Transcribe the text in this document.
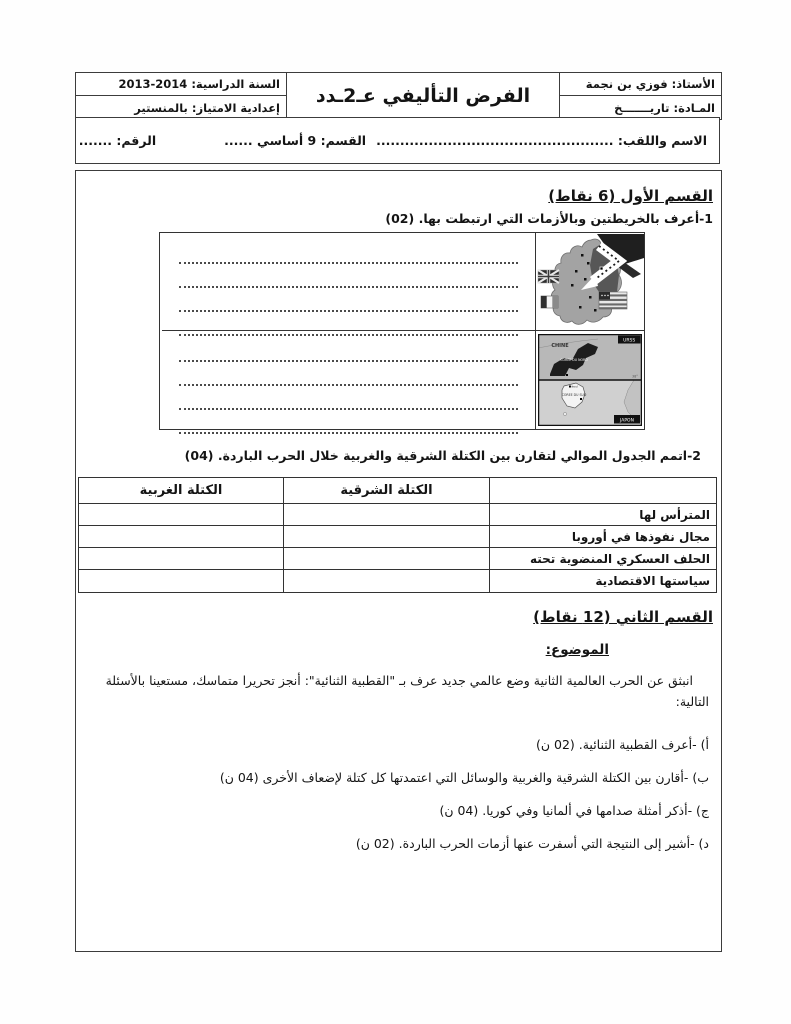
الأستاذ: فوزي بن نجمة
المـادة: تاريـــــــخ
الفرض التأليفي عـ2ـدد
السنة الدراسية: 2014-2013
إعدادية الامتياز: بالمنستير
الاسم واللقب: ..................................................
القسم: 9 أساسي ......
الرقم: .......
القسم الأول (6 نقاط)
1-أعرف بالخريطتين وبالأزمات التي ارتبطت بها. (02)
CHINE
URSS
COREE DU NORD
38°
Séoul
COREE DU SUD
JAPON
2-اتمم الجدول الموالي لتقارن بين الكتلة الشرقية والغربية خلال الحرب الباردة. (04)
الكتلة الشرقية
الكتلة الغربية
المترأس لها
مجال نفوذها في أوروبا
الحلف العسكري المنضوية تحته
سياستها الاقتصادية
القسم الثاني (12 نقاط)
الموضوع:
انبثق عن الحرب العالمية الثانية وضع عالمي جديد عرف بـ "القطبية الثنائية": أنجز تحريرا متماسك، مستعينا بالأسئلة التالية:
أ) -أعرف القطبية الثنائية. (02 ن)
ب) -أقارن بين الكتلة الشرقية والغربية والوسائل التي اعتمدتها كل كتلة لإضعاف الأخرى (04 ن)
ج) -أذكر أمثلة صدامها في ألمانيا وفي كوريا. (04 ن)
د) -أشير إلى النتيجة التي أسفرت عنها أزمات الحرب الباردة. (02 ن)
